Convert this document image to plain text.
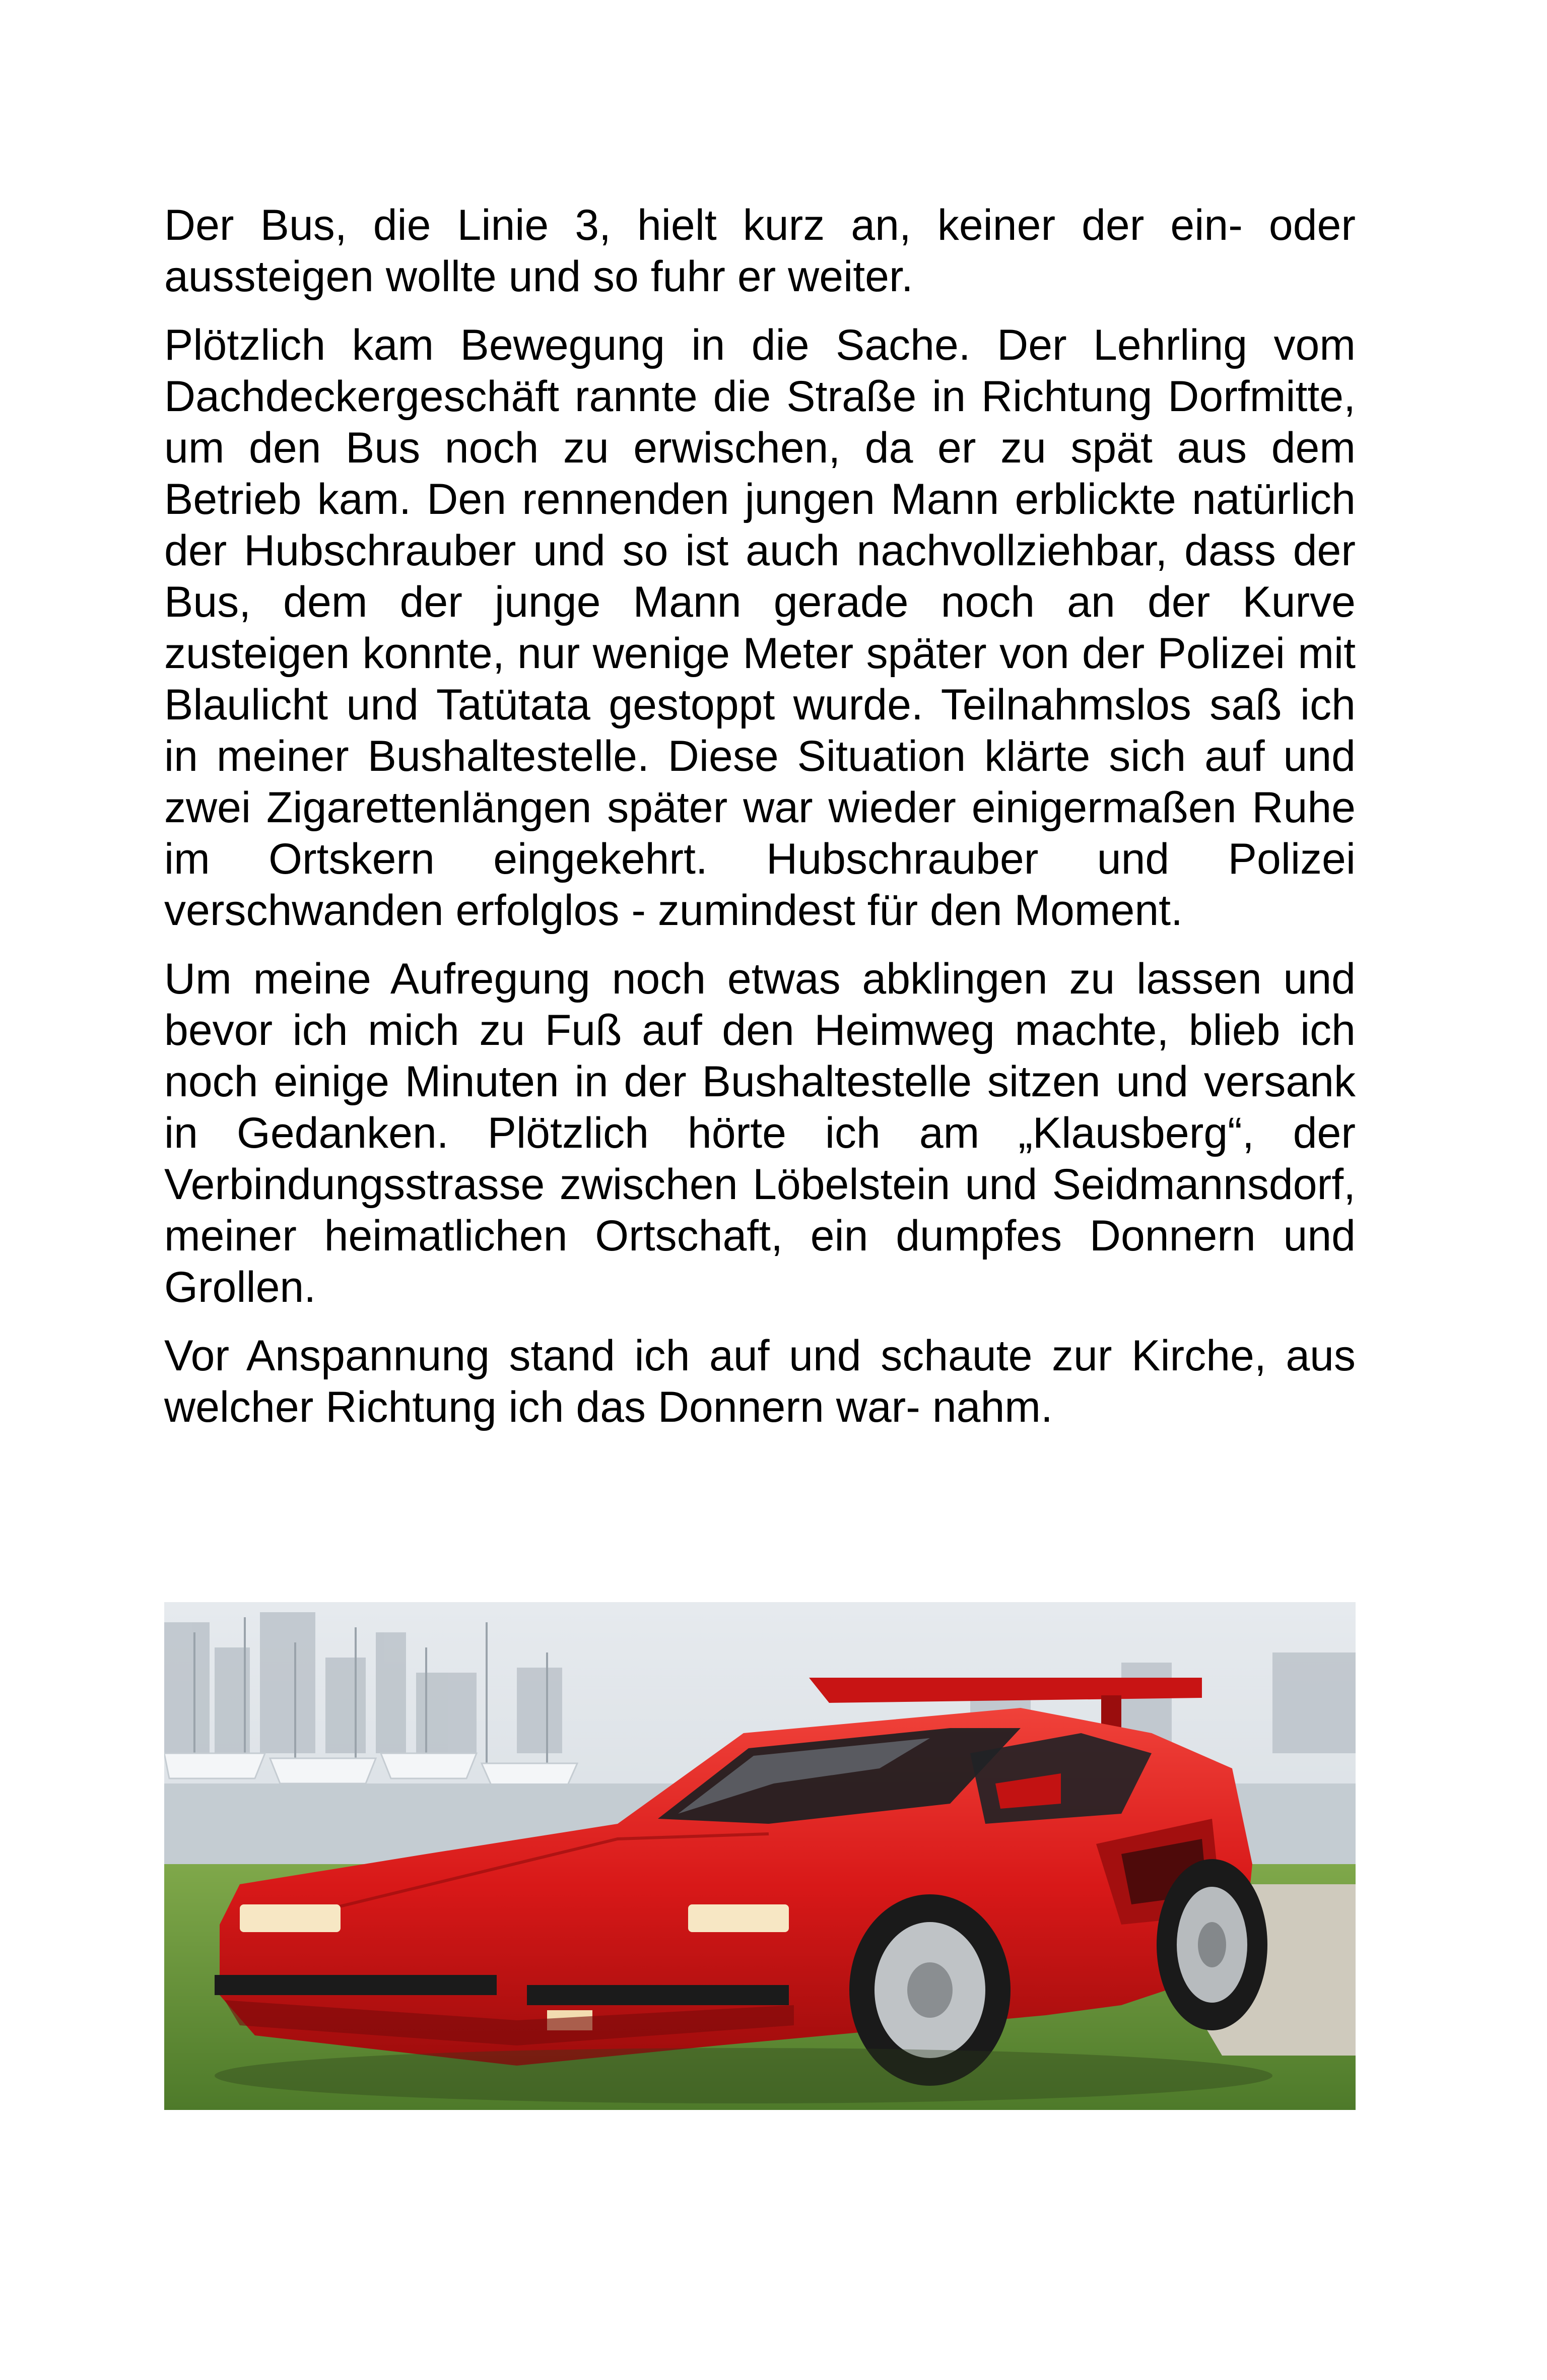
Der Bus, die Linie 3, hielt kurz an, keiner der ein- oder aussteigen wollte und so fuhr er weiter.

Plötzlich kam Bewegung in die Sache. Der Lehrling vom Dachdeckergeschäft rannte die Straße in Richtung Dorfmitte, um den Bus noch zu erwischen, da er zu spät aus dem Betrieb kam. Den rennenden jungen Mann erblickte natürlich der Hubschrauber und so ist auch nachvollziehbar, dass der Bus, dem der junge Mann gerade noch an der Kurve zusteigen konnte, nur wenige Meter später von der Polizei mit Blaulicht und Tatütata gestoppt wurde. Teilnahmslos saß ich in meiner Bushaltestelle. Diese Situation klärte sich auf und zwei Zigarettenlängen später war wieder einigermaßen Ruhe im Ortskern eingekehrt. Hubschrauber und Polizei verschwanden erfolglos - zumindest für den Moment.

Um meine Aufregung noch etwas abklingen zu lassen und bevor ich mich zu Fuß auf den Heimweg machte, blieb ich noch einige Minuten in der Bushaltestelle sitzen und versank in Gedanken. Plötzlich hörte ich am „Klausberg“, der Verbindungsstrasse zwischen Löbelstein und Seidmannsdorf, meiner heimatlichen Ortschaft, ein dumpfes Donnern und Grollen.

Vor Anspannung stand ich auf und schaute zur Kirche, aus welcher Richtung ich das Donnern war- nahm.
